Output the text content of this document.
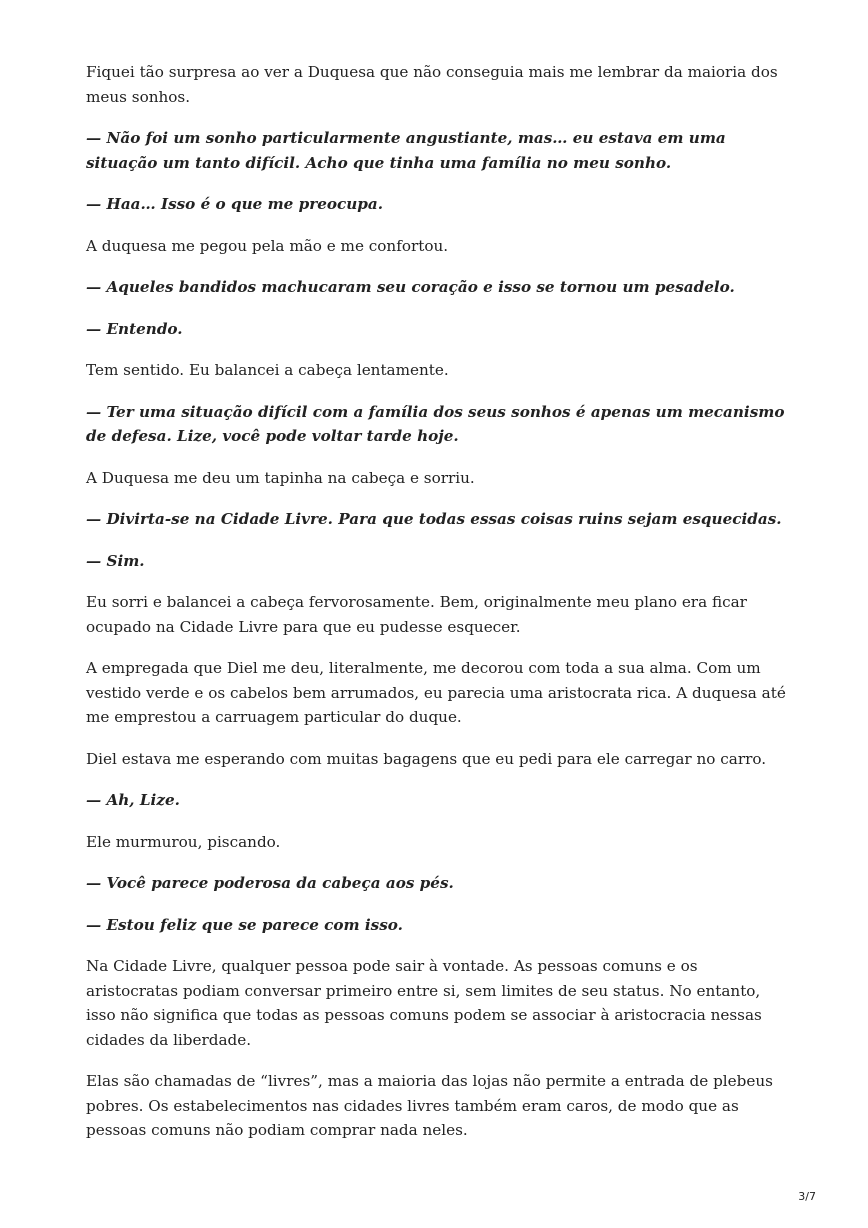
Fiquei tão surpresa ao ver a Duquesa que não conseguia mais me lembrar da maioria dos meus sonhos.

— Não foi um sonho particularmente angustiante, mas… eu estava em uma situação um tanto difícil. Acho que tinha uma família no meu sonho.

— Haa… Isso é o que me preocupa.

A duquesa me pegou pela mão e me confortou.

— Aqueles bandidos machucaram seu coração e isso se tornou um pesadelo.

— Entendo.

Tem sentido. Eu balancei a cabeça lentamente.

— Ter uma situação difícil com a família dos seus sonhos é apenas um mecanismo de defesa. Lize, você pode voltar tarde hoje.

A Duquesa me deu um tapinha na cabeça e sorriu.

— Divirta-se na Cidade Livre. Para que todas essas coisas ruins sejam esquecidas.

— Sim.

Eu sorri e balancei a cabeça fervorosamente. Bem, originalmente meu plano era ficar ocupado na Cidade Livre para que eu pudesse esquecer.

A empregada que Diel me deu, literalmente, me decorou com toda a sua alma. Com um vestido verde e os cabelos bem arrumados, eu parecia uma aristocrata rica. A duquesa até me emprestou a carruagem particular do duque.

Diel estava me esperando com muitas bagagens que eu pedi para ele carregar no carro.

— Ah, Lize.

Ele murmurou, piscando.

— Você parece poderosa da cabeça aos pés.

— Estou feliz que se parece com isso.

Na Cidade Livre, qualquer pessoa pode sair à vontade. As pessoas comuns e os aristocratas podiam conversar primeiro entre si, sem limites de seu status. No entanto, isso não significa que todas as pessoas comuns podem se associar à aristocracia nessas cidades da liberdade.

Elas são chamadas de “livres”, mas a maioria das lojas não permite a entrada de plebeus pobres. Os estabelecimentos nas cidades livres também eram caros, de modo que as pessoas comuns não podiam comprar nada neles.

3/7
